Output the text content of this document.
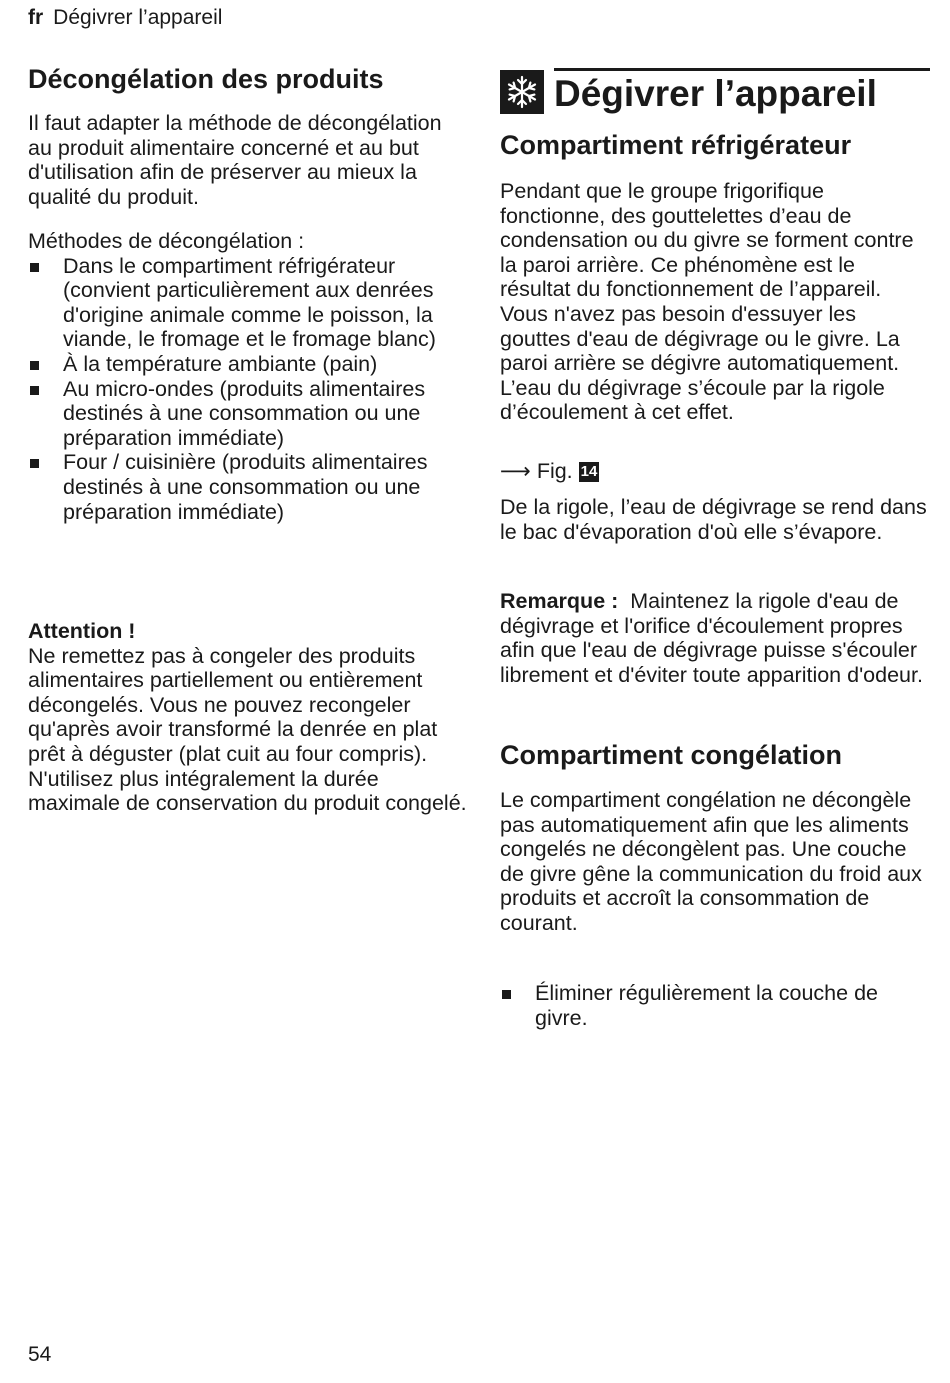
fr Dégivrer l’appareil
Décongélation des produits

Il faut adapter la méthode de décongélation au produit alimentaire concerné et au but d'utilisation afin de préserver au mieux la qualité du produit.

Méthodes de décongélation :

Dans le compartiment réfrigérateur (convient particulièrement aux denrées d'origine animale comme le poisson, la viande, le fromage et le fromage blanc)
À la température ambiante (pain)
Au micro-ondes (produits alimentaires destinés à une consommation ou une préparation immédiate)
Four / cuisinière (produits alimentaires destinés à une consommation ou une préparation immédiate)

Attention !

Ne remettez pas à congeler des produits alimentaires partiellement ou entièrement décongelés. Vous ne pouvez recongeler qu'après avoir transformé la denrée en plat prêt à déguster (plat cuit au four compris). N'utilisez plus intégralement la durée maximale de conservation du produit congelé.

Dégivrer l’appareil
Compartiment réfrigérateur

Pendant que le groupe frigorifique fonctionne, des gouttelettes d’eau de condensation ou du givre se forment contre la paroi arrière. Ce phénomène est le résultat du fonctionnement de l’appareil. Vous n'avez pas besoin d'essuyer les gouttes d'eau de dégivrage ou le givre. La paroi arrière se dégivre automatiquement. L’eau du dégivrage s’écoule par la rigole d’écoulement à cet effet.

⟶ Fig. 14

De la rigole, l’eau de dégivrage se rend dans le bac d'évaporation d'où elle s’évapore.

Remarque : Maintenez la rigole d'eau de dégivrage et l'orifice d'écoulement propres afin que l'eau de dégivrage puisse s'écouler librement et d'éviter toute apparition d'odeur.

Compartiment congélation

Le compartiment congélation ne décongèle pas automatiquement afin que les aliments congelés ne décongèlent pas. Une couche de givre gêne la communication du froid aux produits et accroît la consommation de courant.

Éliminer régulièrement la couche de givre.
54
